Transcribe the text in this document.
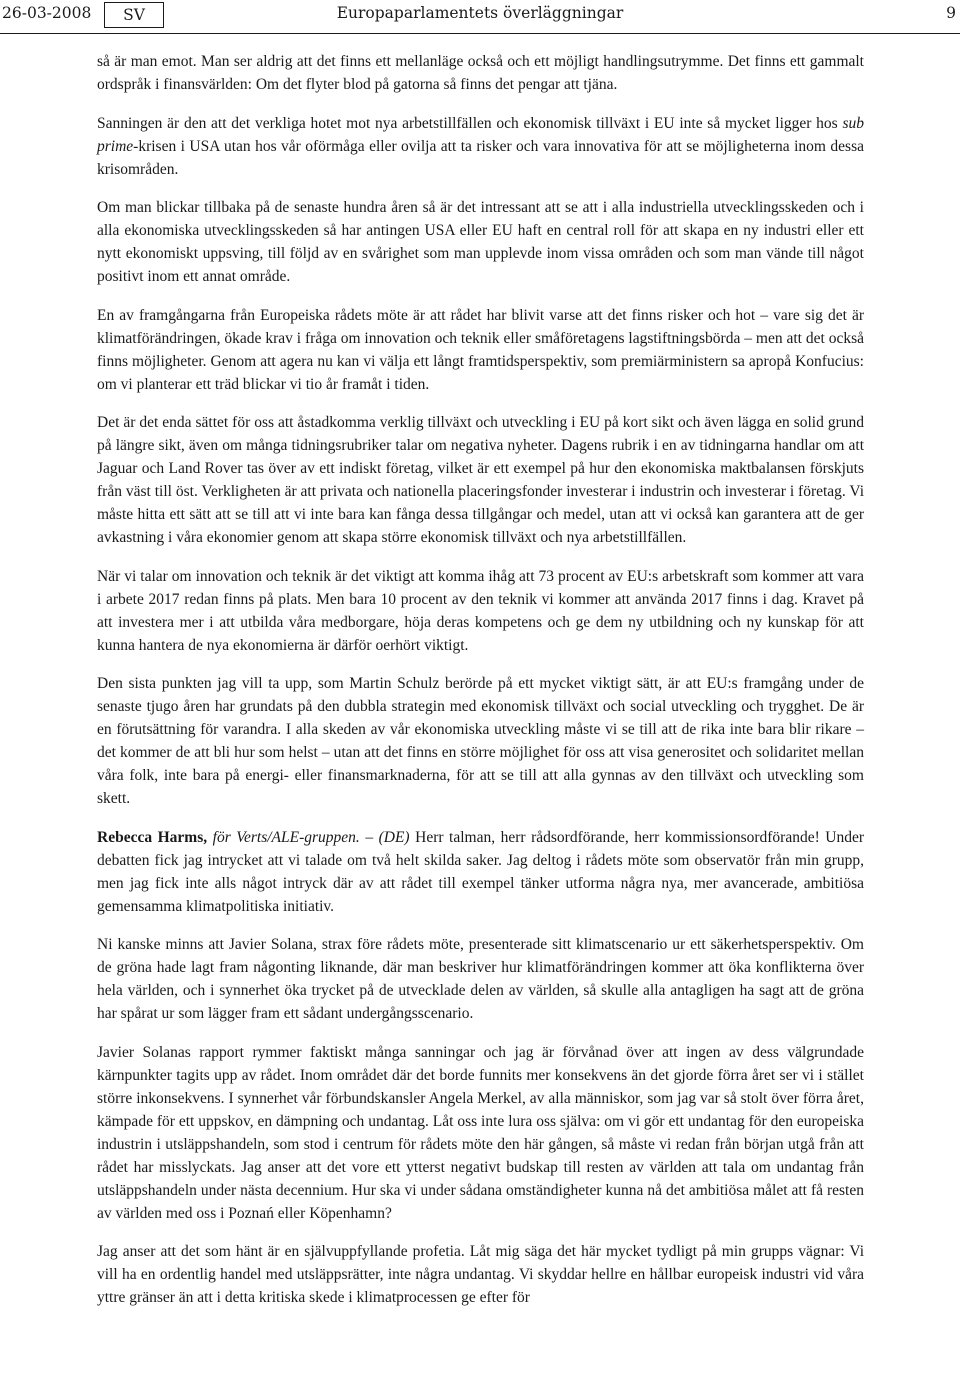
26-03-2008	SV	Europaparlamentets överläggningar	9

så är man emot. Man ser aldrig att det finns ett mellanläge också och ett möjligt handlingsutrymme. Det finns ett gammalt ordspråk i finansvärlden: Om det flyter blod på gatorna så finns det pengar att tjäna.

Sanningen är den att det verkliga hotet mot nya arbetstillfällen och ekonomisk tillväxt i EU inte så mycket ligger hos sub prime-krisen i USA utan hos vår oförmåga eller ovilja att ta risker och vara innovativa för att se möjligheterna inom dessa krisområden.

Om man blickar tillbaka på de senaste hundra åren så är det intressant att se att i alla industriella utvecklingsskeden och i alla ekonomiska utvecklingsskeden så har antingen USA eller EU haft en central roll för att skapa en ny industri eller ett nytt ekonomiskt uppsving, till följd av en svårighet som man upplevde inom vissa områden och som man vände till något positivt inom ett annat område.

En av framgångarna från Europeiska rådets möte är att rådet har blivit varse att det finns risker och hot – vare sig det är klimatförändringen, ökade krav i fråga om innovation och teknik eller småföretagens lagstiftningsbörda – men att det också finns möjligheter. Genom att agera nu kan vi välja ett långt framtidsperspektiv, som premiärministern sa apropå Konfucius: om vi planterar ett träd blickar vi tio år framåt i tiden.

Det är det enda sättet för oss att åstadkomma verklig tillväxt och utveckling i EU på kort sikt och även lägga en solid grund på längre sikt, även om många tidningsrubriker talar om negativa nyheter. Dagens rubrik i en av tidningarna handlar om att Jaguar och Land Rover tas över av ett indiskt företag, vilket är ett exempel på hur den ekonomiska maktbalansen förskjuts från väst till öst. Verkligheten är att privata och nationella placeringsfonder investerar i industrin och investerar i företag. Vi måste hitta ett sätt att se till att vi inte bara kan fånga dessa tillgångar och medel, utan att vi också kan garantera att de ger avkastning i våra ekonomier genom att skapa större ekonomisk tillväxt och nya arbetstillfällen.

När vi talar om innovation och teknik är det viktigt att komma ihåg att 73 procent av EU:s arbetskraft som kommer att vara i arbete 2017 redan finns på plats. Men bara 10 procent av den teknik vi kommer att använda 2017 finns i dag. Kravet på att investera mer i att utbilda våra medborgare, höja deras kompetens och ge dem ny utbildning och ny kunskap för att kunna hantera de nya ekonomierna är därför oerhört viktigt.

Den sista punkten jag vill ta upp, som Martin Schulz berörde på ett mycket viktigt sätt, är att EU:s framgång under de senaste tjugo åren har grundats på den dubbla strategin med ekonomisk tillväxt och social utveckling och trygghet. De är en förutsättning för varandra. I alla skeden av vår ekonomiska utveckling måste vi se till att de rika inte bara blir rikare – det kommer de att bli hur som helst – utan att det finns en större möjlighet för oss att visa generositet och solidaritet mellan våra folk, inte bara på energi- eller finansmarknaderna, för att se till att alla gynnas av den tillväxt och utveckling som skett.

Rebecca Harms, för Verts/ALE-gruppen. – (DE) Herr talman, herr rådsordförande, herr kommissionsordförande! Under debatten fick jag intrycket att vi talade om två helt skilda saker. Jag deltog i rådets möte som observatör från min grupp, men jag fick inte alls något intryck där av att rådet till exempel tänker utforma några nya, mer avancerade, ambitiösa gemensamma klimatpolitiska initiativ.

Ni kanske minns att Javier Solana, strax före rådets möte, presenterade sitt klimatscenario ur ett säkerhetsperspektiv. Om de gröna hade lagt fram någonting liknande, där man beskriver hur klimatförändringen kommer att öka konflikterna över hela världen, och i synnerhet öka trycket på de utvecklade delen av världen, så skulle alla antagligen ha sagt att de gröna har spårat ur som lägger fram ett sådant undergångsscenario.

Javier Solanas rapport rymmer faktiskt många sanningar och jag är förvånad över att ingen av dess välgrundade kärnpunkter tagits upp av rådet. Inom området där det borde funnits mer konsekvens än det gjorde förra året ser vi i stället större inkonsekvens. I synnerhet vår förbundskansler Angela Merkel, av alla människor, som jag var så stolt över förra året, kämpade för ett uppskov, en dämpning och undantag. Låt oss inte lura oss själva: om vi gör ett undantag för den europeiska industrin i utsläppshandeln, som stod i centrum för rådets möte den här gången, så måste vi redan från början utgå från att rådet har misslyckats. Jag anser att det vore ett ytterst negativt budskap till resten av världen att tala om undantag från utsläppshandeln under nästa decennium. Hur ska vi under sådana omständigheter kunna nå det ambitiösa målet att få resten av världen med oss i Poznań eller Köpenhamn?

Jag anser att det som hänt är en självuppfyllande profetia. Låt mig säga det här mycket tydligt på min grupps vägnar: Vi vill ha en ordentlig handel med utsläppsrätter, inte några undantag. Vi skyddar hellre en hållbar europeisk industri vid våra yttre gränser än att i detta kritiska skede i klimatprocessen ge efter för
